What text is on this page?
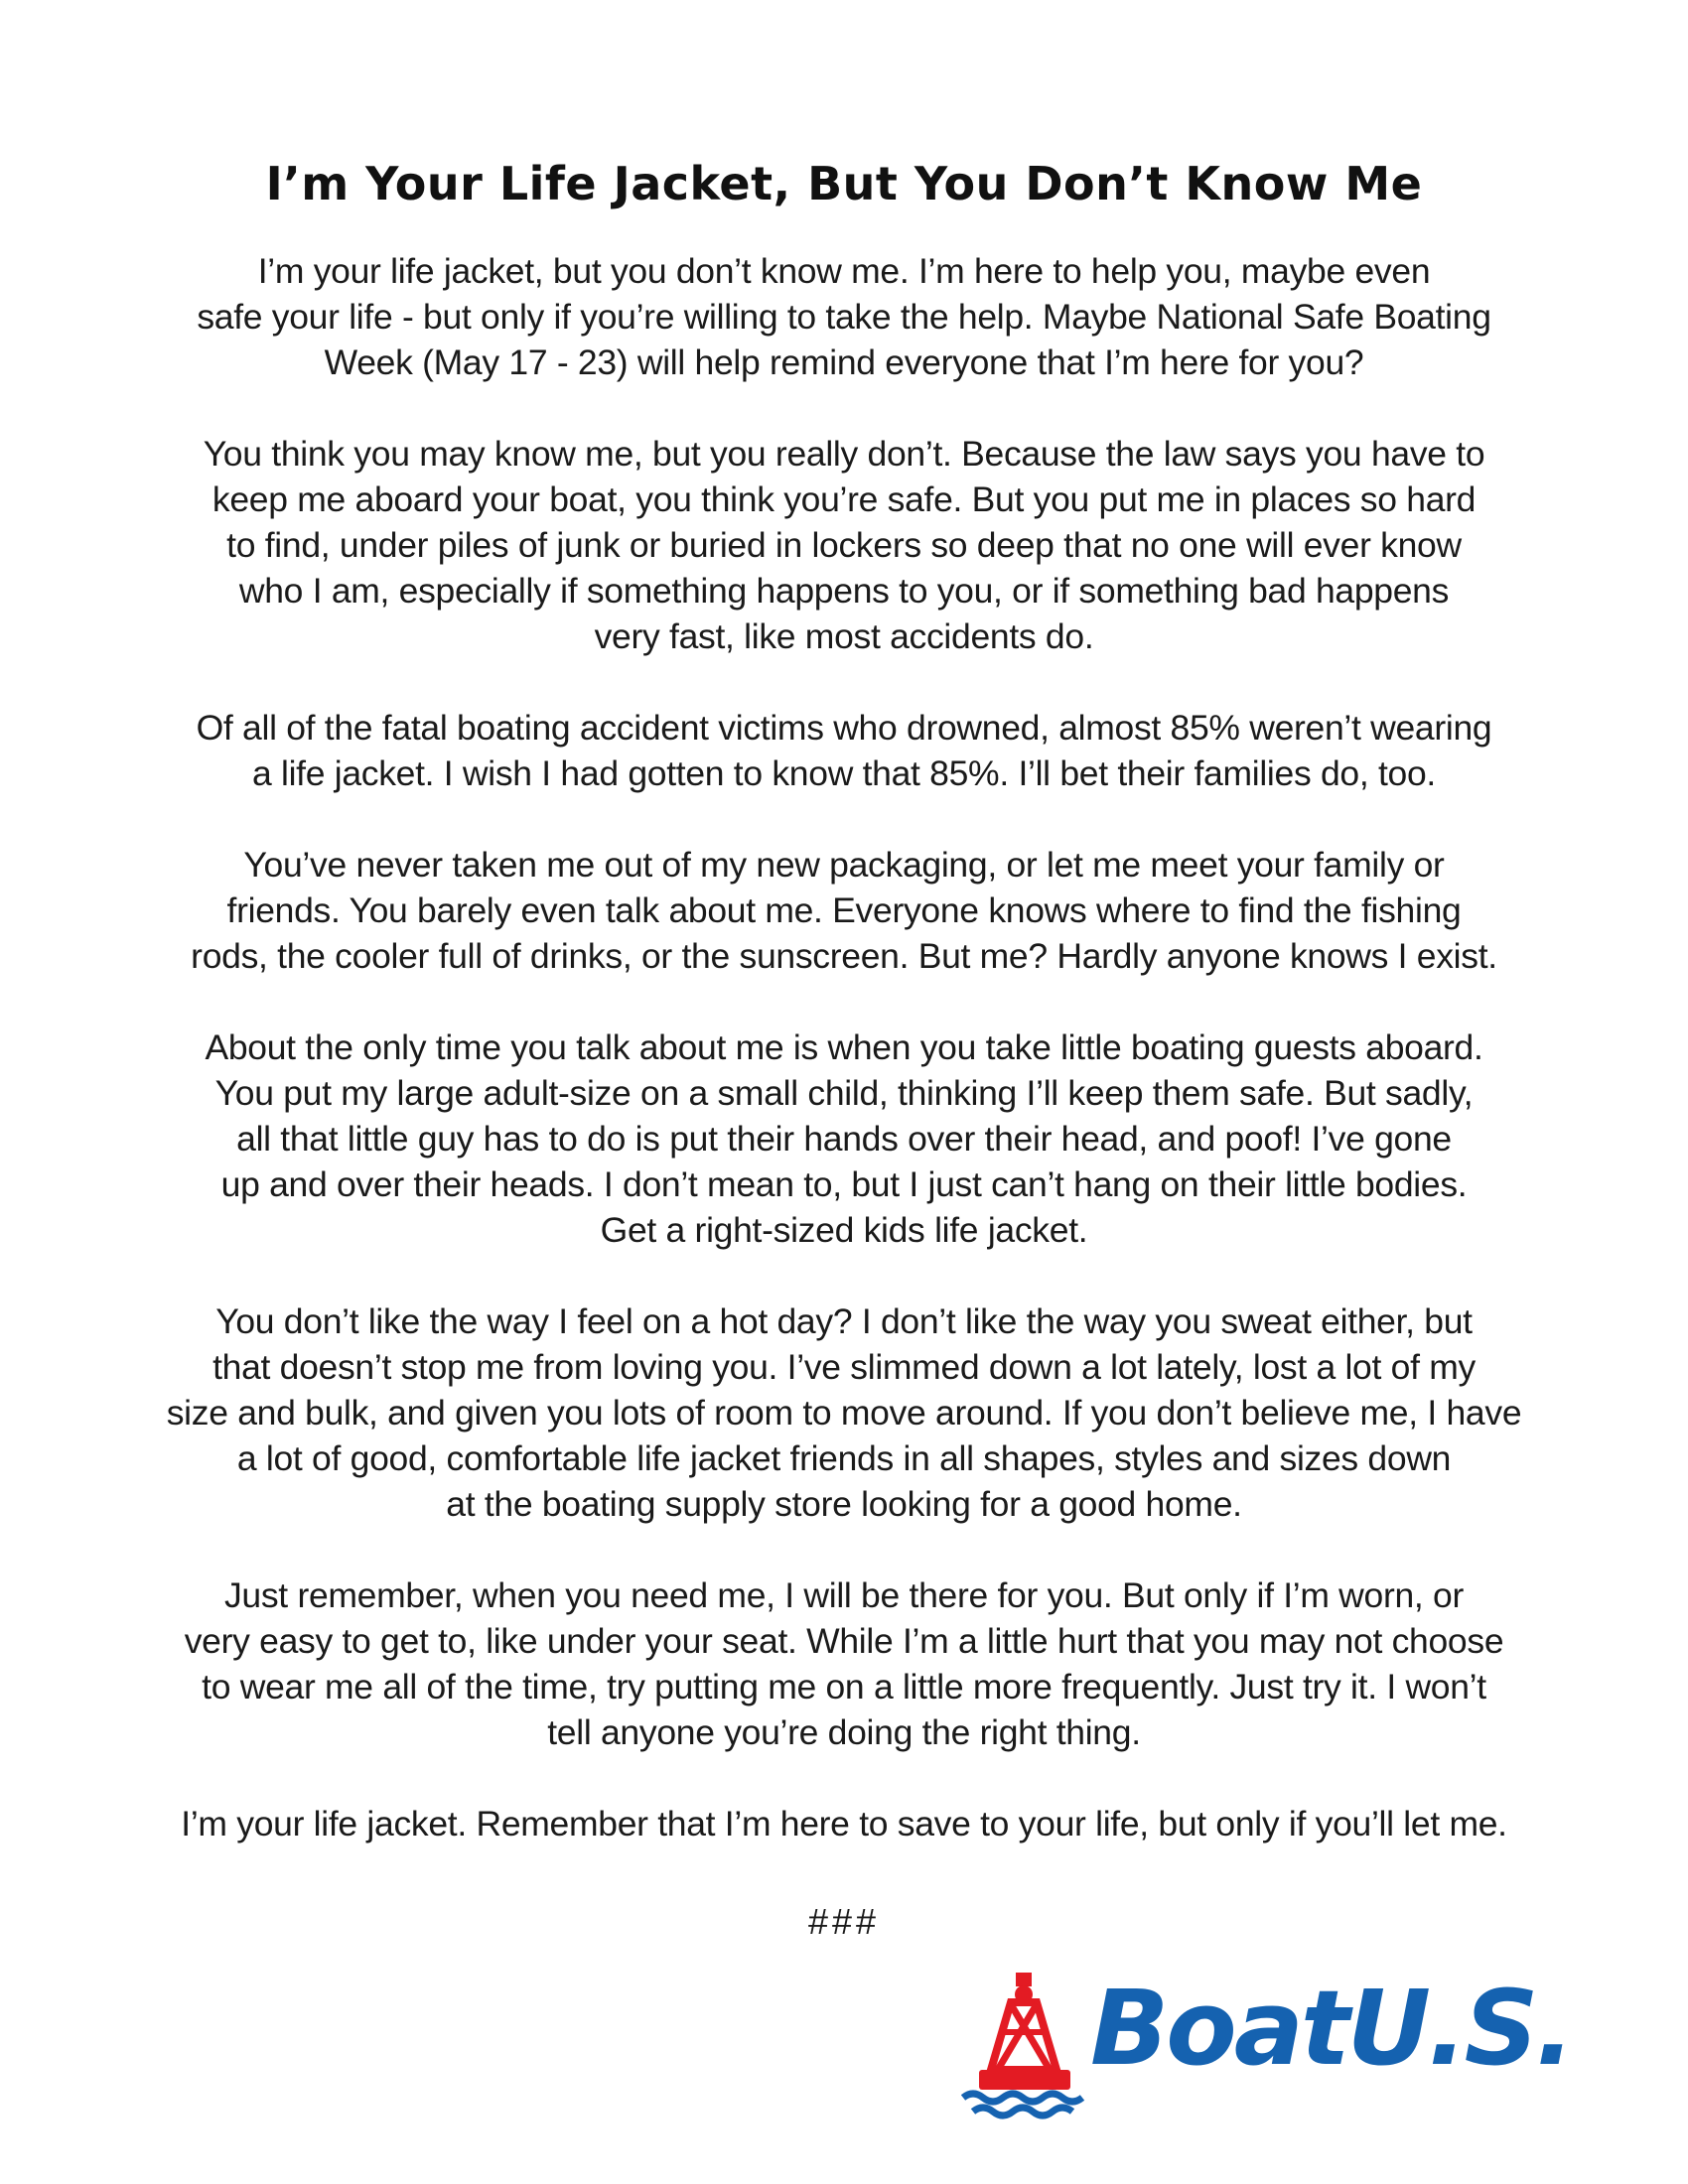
I’m Your Life Jacket, But You Don’t Know Me

I’m your life jacket, but you don’t know me. I’m here to help you, maybe even
safe your life - but only if you’re willing to take the help. Maybe National Safe Boating
Week (May 17 - 23) will help remind everyone that I’m here for you?

You think you may know me, but you really don’t. Because the law says you have to
keep me aboard your boat, you think you’re safe. But you put me in places so hard
to find, under piles of junk or buried in lockers so deep that no one will ever know
who I am, especially if something happens to you, or if something bad happens
very fast, like most accidents do.

Of all of the fatal boating accident victims who drowned, almost 85% weren’t wearing
a life jacket. I wish I had gotten to know that 85%. I’ll bet their families do, too.

You’ve never taken me out of my new packaging, or let me meet your family or
friends. You barely even talk about me. Everyone knows where to find the fishing
rods, the cooler full of drinks, or the sunscreen. But me? Hardly anyone knows I exist.

About the only time you talk about me is when you take little boating guests aboard.
You put my large adult-size on a small child, thinking I’ll keep them safe. But sadly,
all that little guy has to do is put their hands over their head, and poof! I’ve gone
up and over their heads. I don’t mean to, but I just can’t hang on their little bodies.
Get a right-sized kids life jacket.

You don’t like the way I feel on a hot day? I don’t like the way you sweat either, but
that doesn’t stop me from loving you. I’ve slimmed down a lot lately, lost a lot of my
size and bulk, and given you lots of room to move around. If you don’t believe me, I have
a lot of good, comfortable life jacket friends in all shapes, styles and sizes down
at the boating supply store looking for a good home.

Just remember, when you need me, I will be there for you. But only if I’m worn, or
very easy to get to, like under your seat. While I’m a little hurt that you may not choose
to wear me all of the time, try putting me on a little more frequently. Just try it. I won’t
tell anyone you’re doing the right thing.

I’m your life jacket. Remember that I’m here to save to your life, but only if you’ll let me.

###
BoatU.S.
